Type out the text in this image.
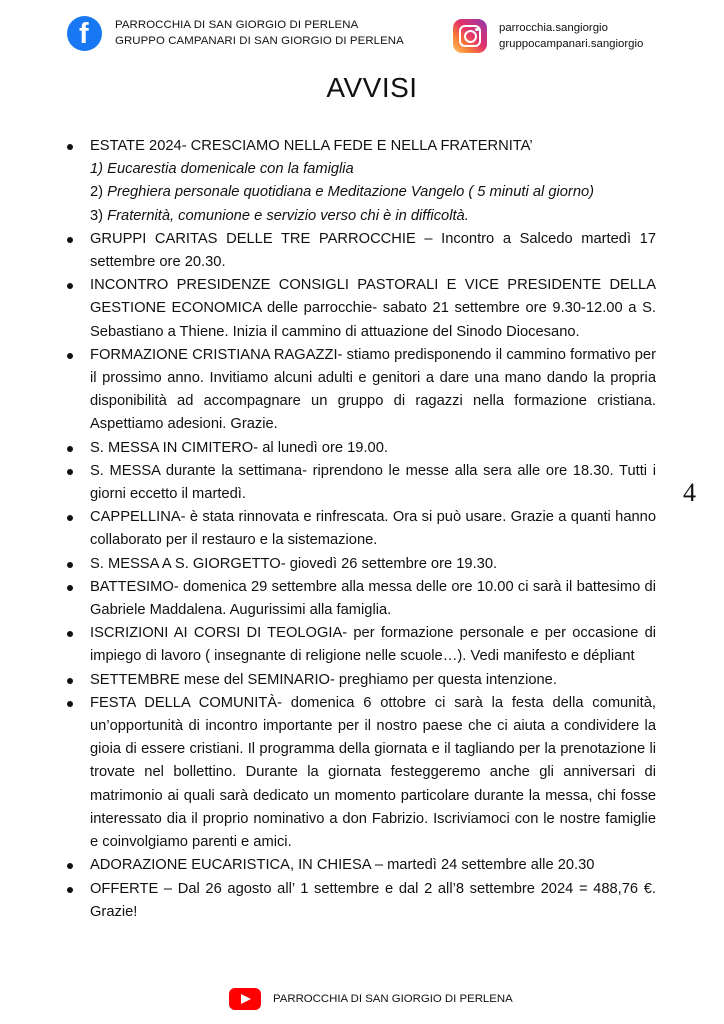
f PARROCCHIA DI SAN GIORGIO DI PERLENA
GRUPPO CAMPANARI DI SAN GIORGIO DI PERLENA
parrocchia.sangiorgio
gruppocampanari.sangiorgio
AVVISI
ESTATE 2024- CRESCIAMO NELLA FEDE E NELLA FRATERNITA’
1) Eucarestia domenicale con la famiglia
2) Preghiera personale quotidiana e Meditazione Vangelo ( 5 minuti al giorno)
3) Fraternità, comunione e servizio verso chi è in difficoltà.
GRUPPI CARITAS DELLE TRE PARROCCHIE – Incontro a Salcedo martedì 17 settembre ore 20.30.
INCONTRO PRESIDENZE CONSIGLI PASTORALI E VICE PRESIDENTE DELLA GESTIONE ECONOMICA delle parrocchie- sabato 21 settembre ore 9.30-12.00 a S. Sebastiano a Thiene. Inizia il cammino di attuazione del Sinodo Diocesano.
FORMAZIONE CRISTIANA RAGAZZI- stiamo predisponendo il cammino formativo per il prossimo anno. Invitiamo alcuni adulti e genitori a dare una mano dando la propria disponibilità ad accompagnare un gruppo di ragazzi nella formazione cristiana. Aspettiamo adesioni. Grazie.
S. MESSA IN CIMITERO- al lunedì ore 19.00.
S. MESSA durante la settimana- riprendono le messe alla sera alle ore 18.30. Tutti i giorni eccetto il martedì.
CAPPELLINA- è stata rinnovata e rinfrescata. Ora si può usare. Grazie a quanti hanno collaborato per il restauro e la sistemazione.
S. MESSA A S. GIORGETTO- giovedì 26 settembre ore 19.30.
BATTESIMO- domenica 29 settembre alla messa delle ore 10.00 ci sarà il battesimo di Gabriele Maddalena. Augurissimi alla famiglia.
ISCRIZIONI AI CORSI DI TEOLOGIA- per formazione personale e per occasione di impiego di lavoro ( insegnante di religione nelle scuole…). Vedi manifesto e dépliant
SETTEMBRE mese del SEMINARIO- preghiamo per questa intenzione.
FESTA DELLA COMUNITÀ- domenica 6 ottobre ci sarà la festa della comunità, un’opportunità di incontro importante per il nostro paese che ci aiuta a condividere la gioia di essere cristiani. Il programma della giornata e il tagliando per la prenotazione li trovate nel bollettino. Durante la giornata festeggeremo anche gli anniversari di matrimonio ai quali sarà dedicato un momento particolare durante la messa, chi fosse interessato dia il proprio nominativo a don Fabrizio. Iscriviamoci con le nostre famiglie e coinvolgiamo parenti e amici.
ADORAZIONE EUCARISTICA, IN CHIESA – martedì 24 settembre alle 20.30
OFFERTE – Dal 26 agosto all’ 1 settembre e dal 2 all’8 settembre 2024 = 488,76 €. Grazie!
4
PARROCCHIA DI SAN GIORGIO DI PERLENA
